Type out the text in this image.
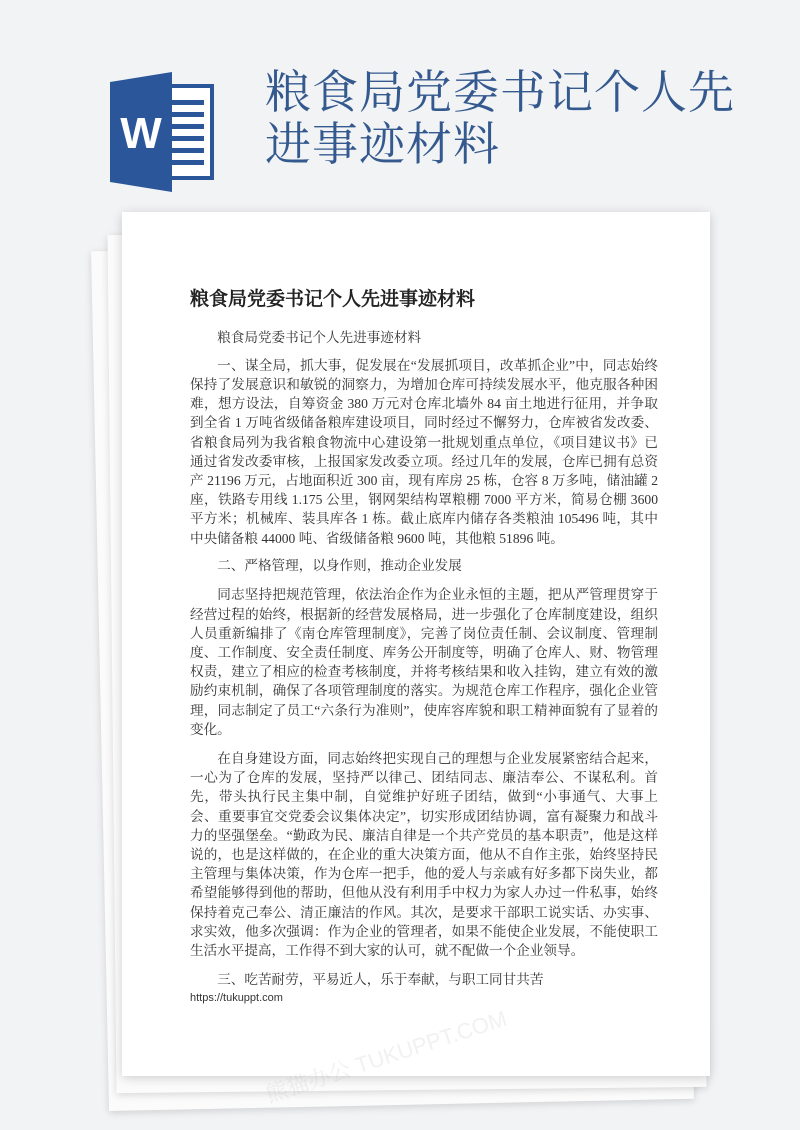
W
粮食局党委书记个人先进事迹材料
粮食局党委书记个人先进事迹材料

粮食局党委书记个人先进事迹材料

一、谋全局，抓大事，促发展在“发展抓项目，改革抓企业”中，同志始终保持了发展意识和敏锐的洞察力，为增加仓库可持续发展水平，他克服各种困难，想方设法，自筹资金 380 万元对仓库北墙外 84 亩土地进行征用，并争取到全省 1 万吨省级储备粮库建设项目，同时经过不懈努力，仓库被省发改委、省粮食局列为我省粮食物流中心建设第一批规划重点单位，《项目建议书》已通过省发改委审核，上报国家发改委立项。经过几年的发展，仓库已拥有总资产 21196 万元，占地面积近 300 亩，现有库房 25 栋，仓容 8 万多吨，储油罐 2 座，铁路专用线 1.175 公里，钢网架结构罩粮棚 7000 平方米，简易仓棚 3600 平方米；机械库、装具库各 1 栋。截止底库内储存各类粮油 105496 吨，其中中央储备粮 44000 吨、省级储备粮 9600 吨，其他粮 51896 吨。

二、严格管理，以身作则，推动企业发展

同志坚持把规范管理，依法治企作为企业永恒的主题，把从严管理贯穿于经营过程的始终，根据新的经营发展格局，进一步强化了仓库制度建设，组织人员重新编排了《南仓库管理制度》，完善了岗位责任制、会议制度、管理制度、工作制度、安全责任制度、库务公开制度等，明确了仓库人、财、物管理权责，建立了相应的检查考核制度，并将考核结果和收入挂钩，建立有效的激励约束机制，确保了各项管理制度的落实。为规范仓库工作程序，强化企业管理，同志制定了员工“六条行为准则”，使库容库貌和职工精神面貌有了显着的变化。

在自身建设方面，同志始终把实现自己的理想与企业发展紧密结合起来，一心为了仓库的发展，坚持严以律己、团结同志、廉洁奉公、不谋私利。首先，带头执行民主集中制，自觉维护好班子团结，做到“小事通气、大事上会、重要事宜交党委会议集体决定”，切实形成团结协调，富有凝聚力和战斗力的坚强堡垒。“勤政为民、廉洁自律是一个共产党员的基本职责”，他是这样说的，也是这样做的，在企业的重大决策方面，他从不自作主张，始终坚持民主管理与集体决策，作为仓库一把手，他的爱人与亲戚有好多都下岗失业，都希望能够得到他的帮助，但他从没有利用手中权力为家人办过一件私事，始终保持着克己奉公、清正廉洁的作风。其次，是要求干部职工说实话、办实事、求实效，他多次强调：作为企业的管理者，如果不能使企业发展，不能使职工生活水平提高，工作得不到大家的认可，就不配做一个企业领导。

三、吃苦耐劳，平易近人，乐于奉献，与职工同甘共苦

https://tukuppt.com
